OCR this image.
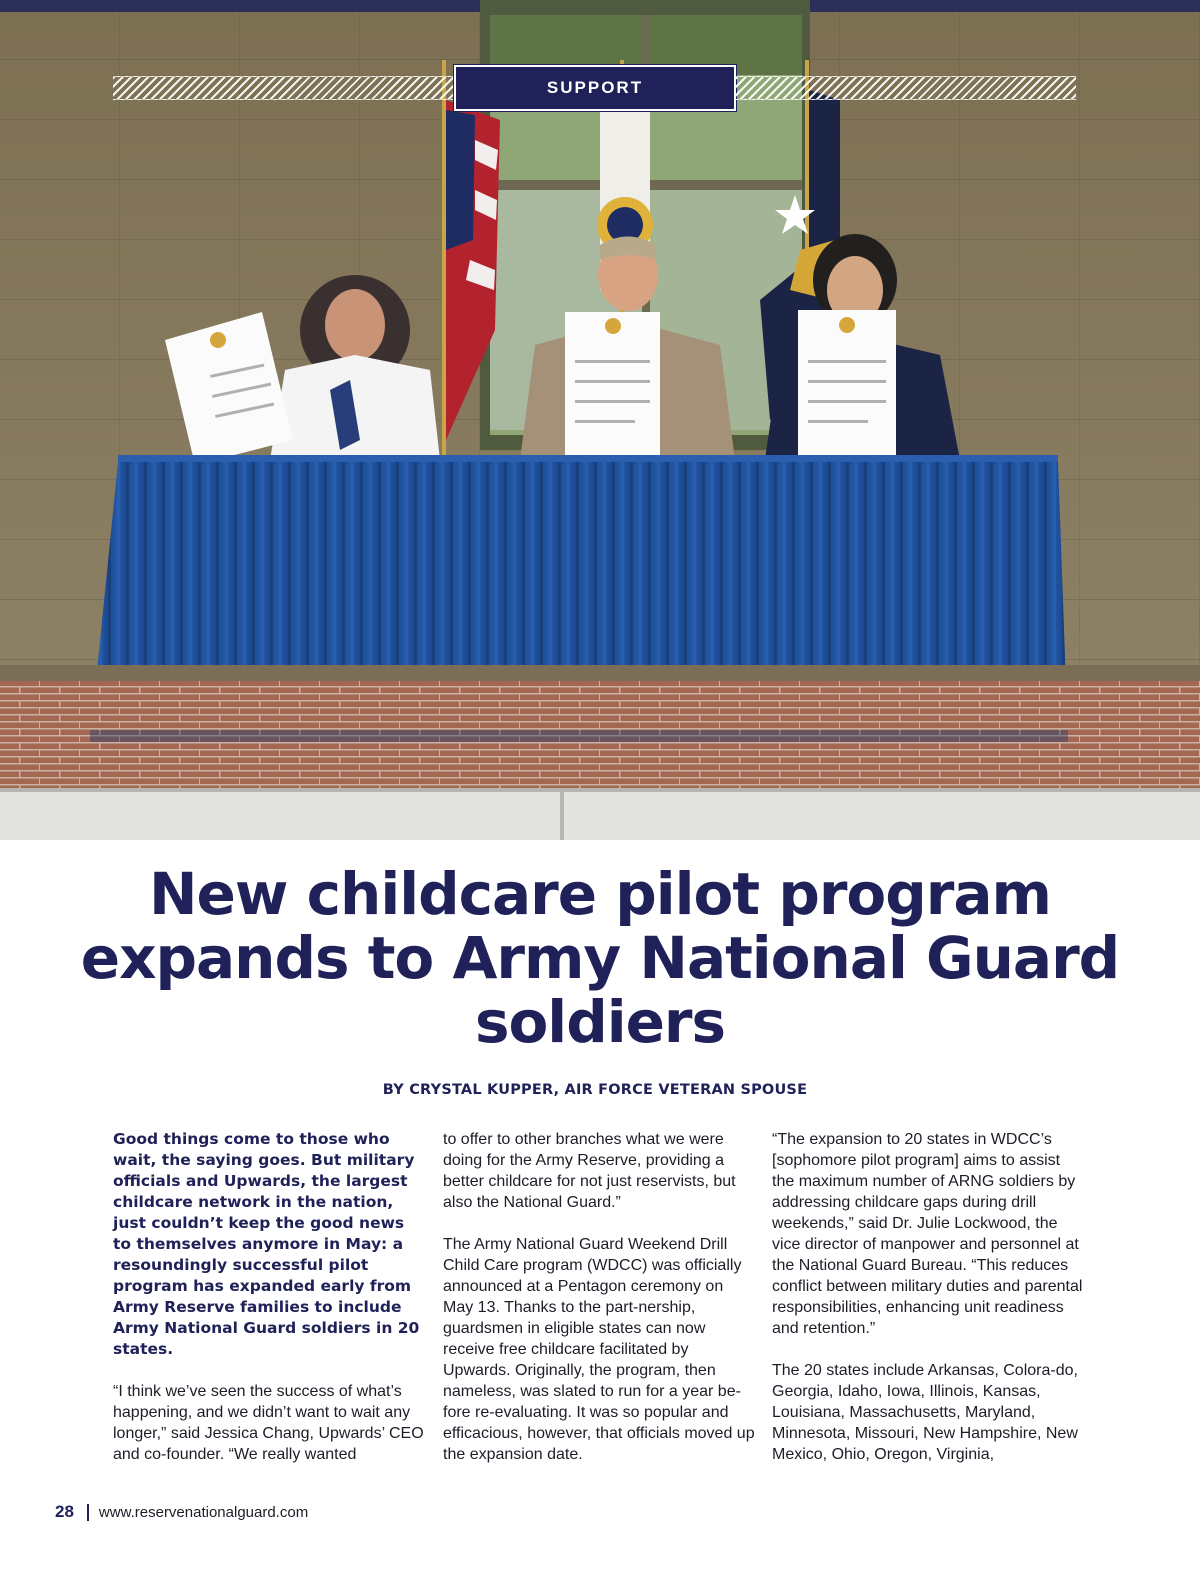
SUPPORT
New childcare pilot program expands to Army National Guard soldiers
BY CRYSTAL KUPPER, AIR FORCE VETERAN SPOUSE

Good things come to those who wait, the saying goes. But military officials and Upwards, the largest childcare network in the nation, just couldn’t keep the good news to themselves anymore in May: a resoundingly successful pilot program has expanded early from Army Reserve families to include Army National Guard soldiers in 20 states.

“I think we’ve seen the success of what’s happening, and we didn’t want to wait any longer,” said Jessica Chang, Upwards’ CEO and co-founder. “We really wanted

to offer to other branches what we were doing for the Army Reserve, providing a better childcare for not just reservists, but also the National Guard.”

The Army National Guard Weekend Drill Child Care program (WDCC) was officially announced at a Pentagon ceremony on May 13. Thanks to the part-nership, guardsmen in eligible states can now receive free childcare facilitated by Upwards. Originally, the program, then nameless, was slated to run for a year be-fore re-evaluating. It was so popular and efficacious, however, that officials moved up the expansion date.

“The expansion to 20 states in WDCC’s [sophomore pilot program] aims to assist the maximum number of ARNG soldiers by addressing childcare gaps during drill weekends,” said Dr. Julie Lockwood, the vice director of manpower and personnel at the National Guard Bureau. “This reduces conflict between military duties and parental responsibilities, enhancing unit readiness and retention.”

The 20 states include Arkansas, Colora-do, Georgia, Idaho, Iowa, Illinois, Kansas, Louisiana, Massachusetts, Maryland, Minnesota, Missouri, New Hampshire, New Mexico, Ohio, Oregon, Virginia,

28 www.reservenationalguard.com
